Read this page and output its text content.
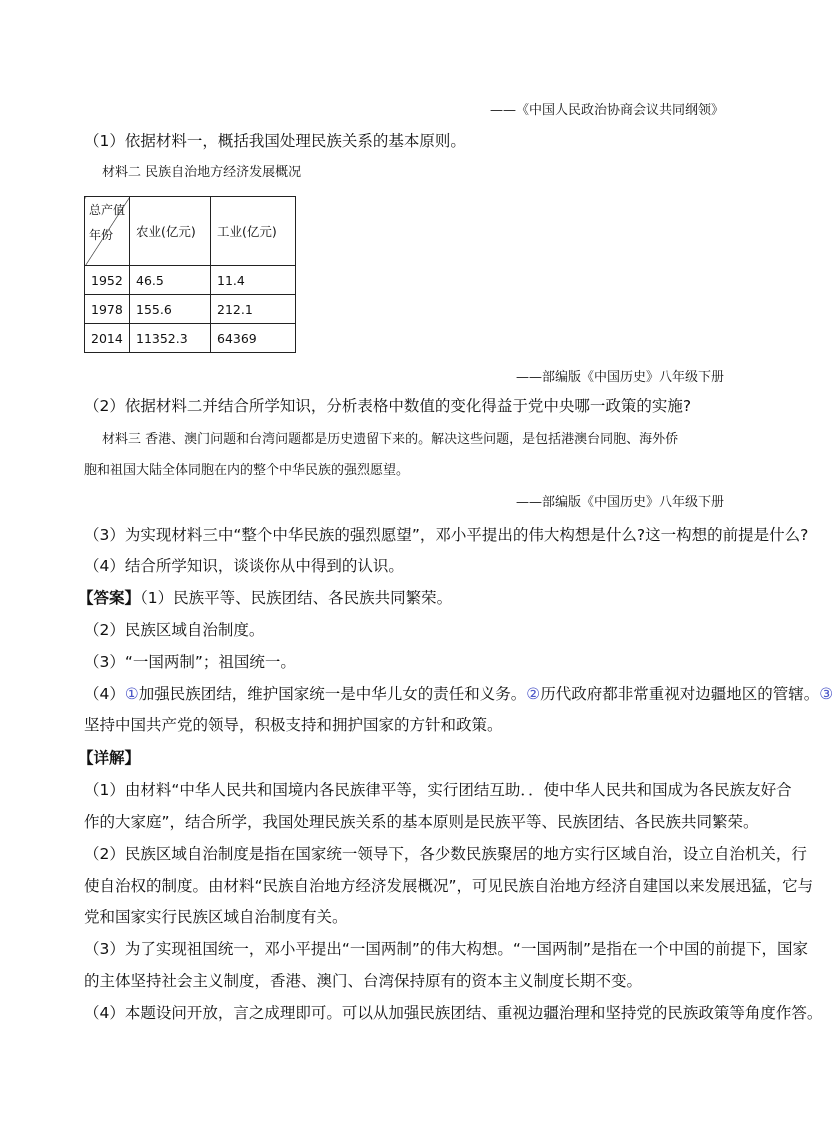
——《中国人民政治协商会议共同纲领》
（1）依据材料一，概括我国处理民族关系的基本原则。
材料二 民族自治地方经济发展概况
总产值
年份	农业(亿元)	工业(亿元)
1952	46.5	11.4
1978	155.6	212.1
2014	11352.3	64369
——部编版《中国历史》八年级下册
（2）依据材料二并结合所学知识，分析表格中数值的变化得益于党中央哪一政策的实施?
材料三 香港、澳门问题和台湾问题都是历史遗留下来的。解决这些问题，是包括港澳台同胞、海外侨
胞和祖国大陆全体同胞在内的整个中华民族的强烈愿望。
——部编版《中国历史》八年级下册
（3）为实现材料三中“整个中华民族的强烈愿望”，邓小平提出的伟大构想是什么?这一构想的前提是什么?
（4）结合所学知识，谈谈你从中得到的认识。
【答案】（1）民族平等、民族团结、各民族共同繁荣。
（2）民族区域自治制度。
（3）“一国两制”；祖国统一。
（4）①加强民族团结，维护国家统一是中华儿女的责任和义务。②历代政府都非常重视对边疆地区的管辖。③
坚持中国共产党的领导，积极支持和拥护国家的方针和政策。
【详解】
（1）由材料“中华人民共和国境内各民族律平等，实行团结互助．．使中华人民共和国成为各民族友好合
作的大家庭”，结合所学，我国处理民族关系的基本原则是民族平等、民族团结、各民族共同繁荣。
（2）民族区域自治制度是指在国家统一领导下，各少数民族聚居的地方实行区域自治，设立自治机关，行
使自治权的制度。由材料“民族自治地方经济发展概况”，可见民族自治地方经济自建国以来发展迅猛，它与
党和国家实行民族区域自治制度有关。
（3）为了实现祖国统一，邓小平提出“一国两制”的伟大构想。“一国两制”是指在一个中国的前提下，国家
的主体坚持社会主义制度，香港、澳门、台湾保持原有的资本主义制度长期不变。
（4）本题设问开放，言之成理即可。可以从加强民族团结、重视边疆治理和坚持党的民族政策等角度作答。
